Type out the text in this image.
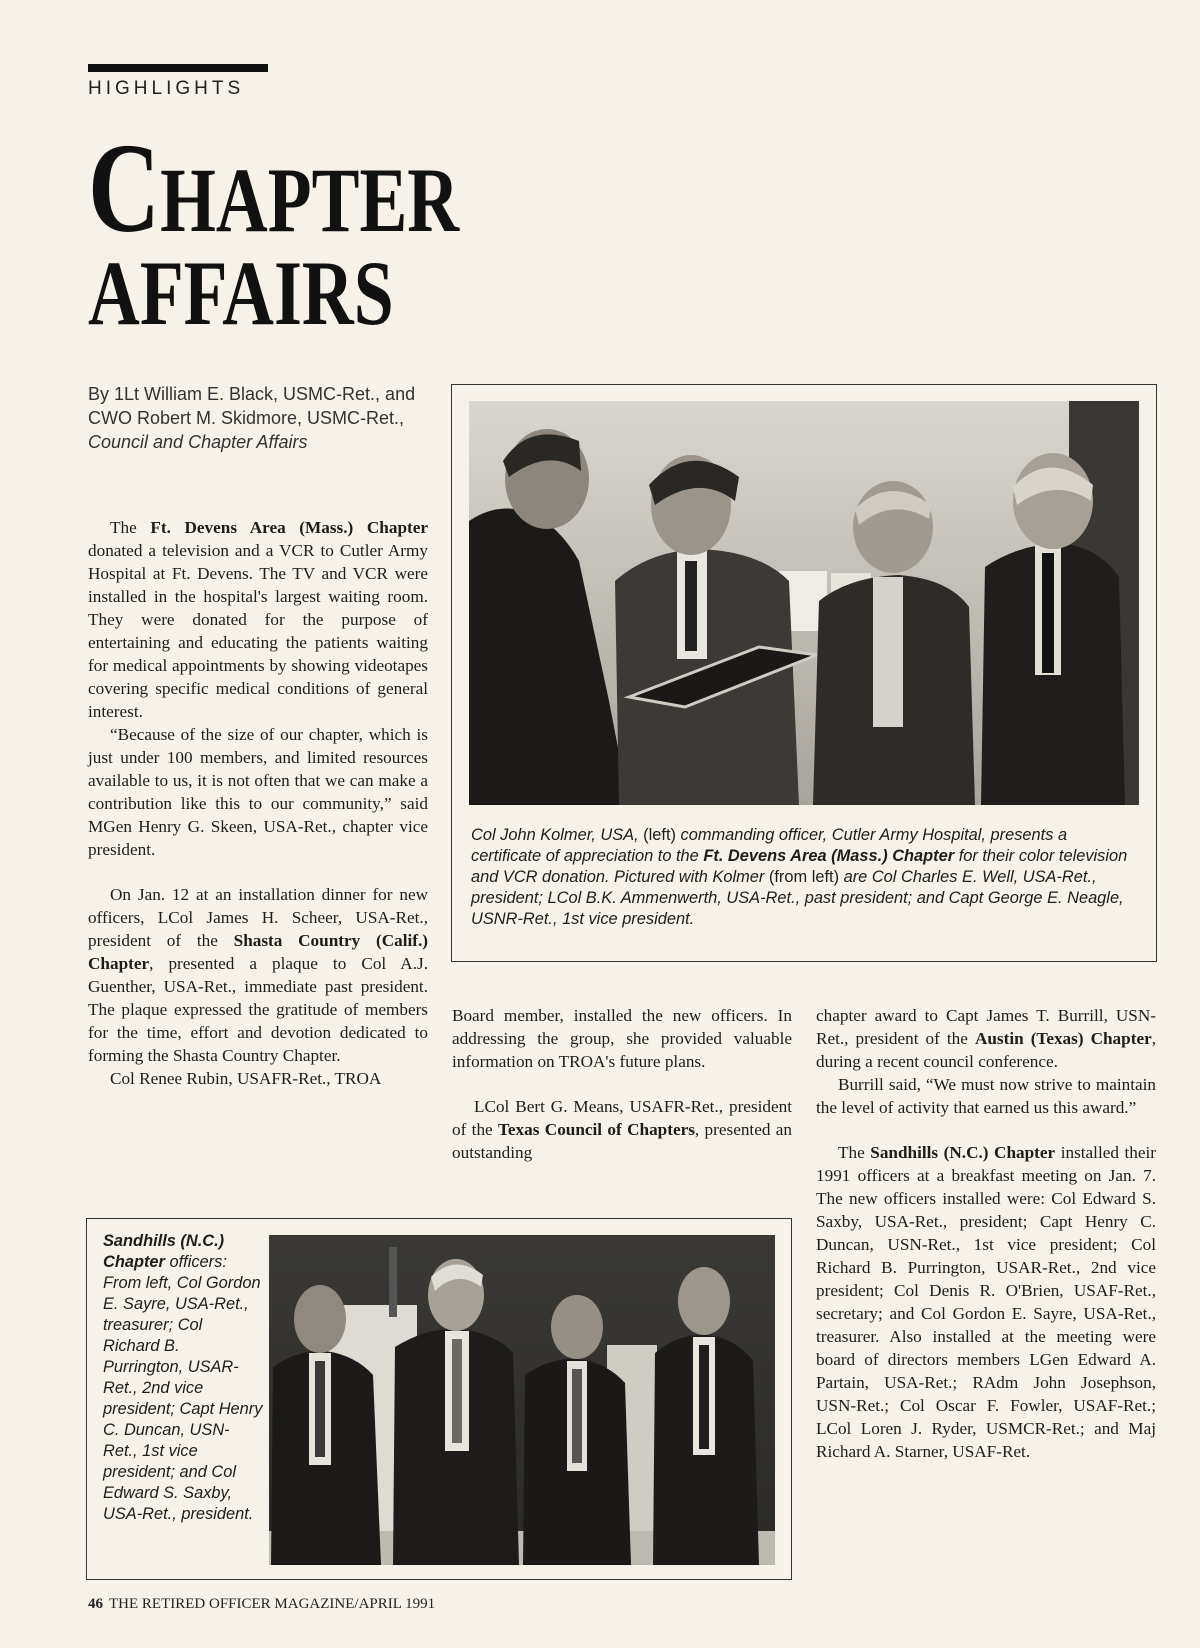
HIGHLIGHTS
CHAPTER
AFFAIRS
By 1Lt William E. Black, USMC-Ret., and CWO Robert M. Skidmore, USMC-Ret., Council and Chapter Affairs

The Ft. Devens Area (Mass.) Chapter donated a television and a VCR to Cutler Army Hospital at Ft. Devens. The TV and VCR were installed in the hospital's largest waiting room. They were donated for the purpose of entertaining and educating the patients waiting for medical appointments by showing videotapes covering specific medical conditions of general interest.

“Because of the size of our chapter, which is just under 100 members, and limited resources available to us, it is not often that we can make a contribution like this to our community,” said MGen Henry G. Skeen, USA-Ret., chapter vice president.

On Jan. 12 at an installation dinner for new officers, LCol James H. Scheer, USA-Ret., president of the Shasta Country (Calif.) Chapter, presented a plaque to Col A.J. Guenther, USA-Ret., immediate past president. The plaque expressed the gratitude of members for the time, effort and devotion dedicated to forming the Shasta Country Chapter.

Col Renee Rubin, USAFR-Ret., TROA

Col John Kolmer, USA, (left) commanding officer, Cutler Army Hospital, presents a certificate of appreciation to the Ft. Devens Area (Mass.) Chapter for their color television and VCR donation. Pictured with Kolmer (from left) are Col Charles E. Well, USA-Ret., president; LCol B.K. Ammenwerth, USA-Ret., past president; and Capt George E. Neagle, USNR-Ret., 1st vice president.

Board member, installed the new officers. In addressing the group, she provided valuable information on TROA's future plans.

LCol Bert G. Means, USAFR-Ret., president of the Texas Council of Chapters, presented an outstanding

chapter award to Capt James T. Burrill, USN-Ret., president of the Austin (Texas) Chapter, during a recent council conference.

Burrill said, “We must now strive to maintain the level of activity that earned us this award.”

The Sandhills (N.C.) Chapter installed their 1991 officers at a breakfast meeting on Jan. 7. The new officers installed were: Col Edward S. Saxby, USA-Ret., president; Capt Henry C. Duncan, USN-Ret., 1st vice president; Col Richard B. Purrington, USAR-Ret., 2nd vice president; Col Denis R. O'Brien, USAF-Ret., secretary; and Col Gordon E. Sayre, USA-Ret., treasurer. Also installed at the meeting were board of directors members LGen Edward A. Partain, USA-Ret.; RAdm John Josephson, USN-Ret.; Col Oscar F. Fowler, USAF-Ret.; LCol Loren J. Ryder, USMCR-Ret.; and Maj Richard A. Starner, USAF-Ret.

Sandhills (N.C.) Chapter officers: From left, Col Gordon E. Sayre, USA-Ret., treasurer; Col Richard B. Purrington, USAR-Ret., 2nd vice president; Capt Henry C. Duncan, USN-Ret., 1st vice president; and Col Edward S. Saxby, USA-Ret., president.
46 THE RETIRED OFFICER MAGAZINE/APRIL 1991
